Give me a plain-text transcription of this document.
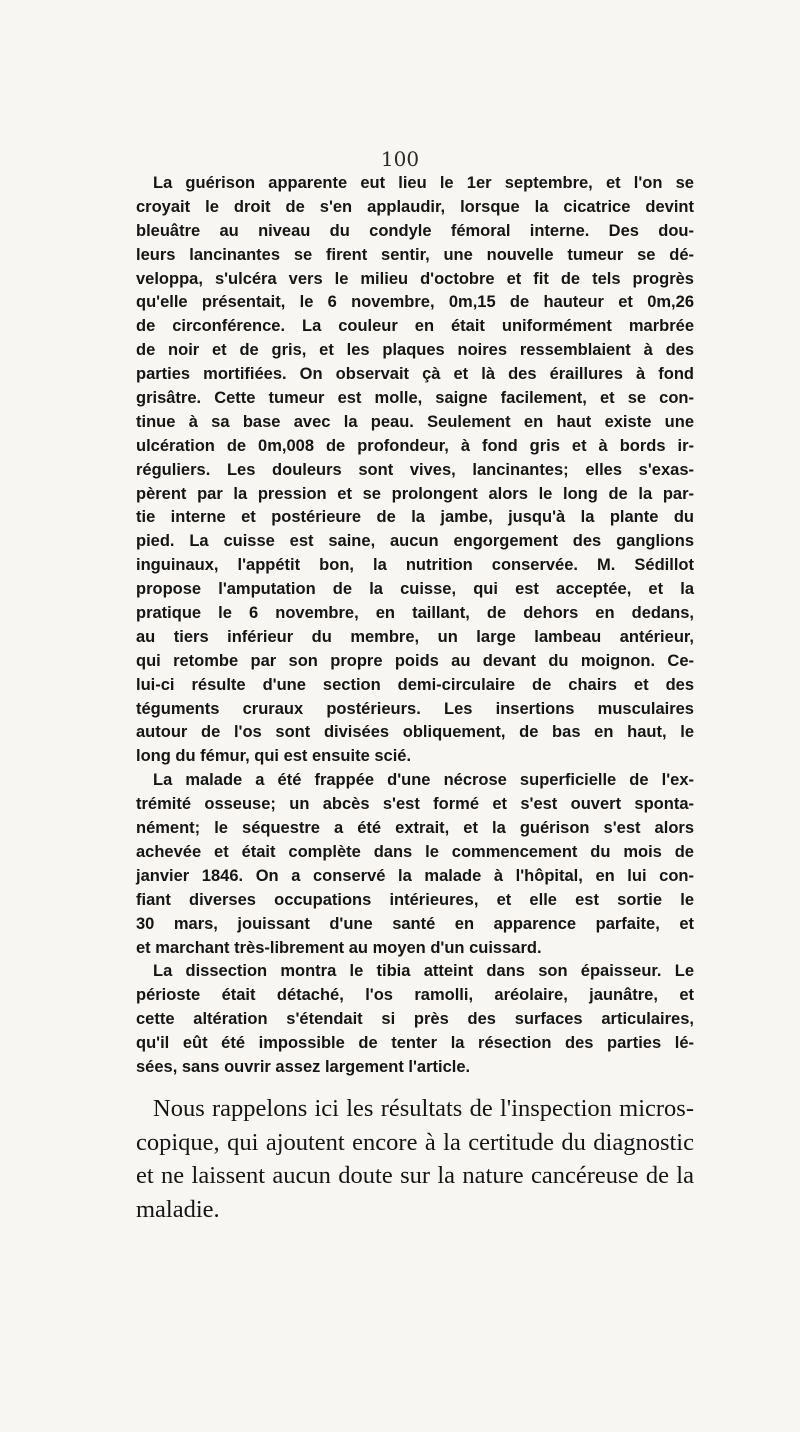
100
La guérison apparente eut lieu le 1er septembre, et l'on se
croyait le droit de s'en applaudir, lorsque la cicatrice devint
bleuâtre au niveau du condyle fémoral interne. Des dou-
leurs lancinantes se firent sentir, une nouvelle tumeur se dé-
veloppa, s'ulcéra vers le milieu d'octobre et fit de tels progrès
qu'elle présentait, le 6 novembre, 0m,15 de hauteur et 0m,26
de circonférence. La couleur en était uniformément marbrée
de noir et de gris, et les plaques noires ressemblaient à des
parties mortifiées. On observait çà et là des éraillures à fond
grisâtre. Cette tumeur est molle, saigne facilement, et se con-
tinue à sa base avec la peau. Seulement en haut existe une
ulcération de 0m,008 de profondeur, à fond gris et à bords ir-
réguliers. Les douleurs sont vives, lancinantes; elles s'exas-
pèrent par la pression et se prolongent alors le long de la par-
tie interne et postérieure de la jambe, jusqu'à la plante du
pied. La cuisse est saine, aucun engorgement des ganglions
inguinaux, l'appétit bon, la nutrition conservée. M. Sédillot
propose l'amputation de la cuisse, qui est acceptée, et la
pratique le 6 novembre, en taillant, de dehors en dedans,
au tiers inférieur du membre, un large lambeau antérieur,
qui retombe par son propre poids au devant du moignon. Ce-
lui-ci résulte d'une section demi-circulaire de chairs et des
téguments cruraux postérieurs. Les insertions musculaires
autour de l'os sont divisées obliquement, de bas en haut, le
long du fémur, qui est ensuite scié.
La malade a été frappée d'une nécrose superficielle de l'ex-
trémité osseuse; un abcès s'est formé et s'est ouvert sponta-
nément; le séquestre a été extrait, et la guérison s'est alors
achevée et était complète dans le commencement du mois de
janvier 1846. On a conservé la malade à l'hôpital, en lui con-
fiant diverses occupations intérieures, et elle est sortie le
30 mars, jouissant d'une santé en apparence parfaite, et
et marchant très-librement au moyen d'un cuissard.
La dissection montra le tibia atteint dans son épaisseur. Le
périoste était détaché, l'os ramolli, aréolaire, jaunâtre, et
cette altération s'étendait si près des surfaces articulaires,
qu'il eût été impossible de tenter la résection des parties lé-
sées, sans ouvrir assez largement l'article.
Nous rappelons ici les résultats de l'inspection micros-
copique, qui ajoutent encore à la certitude du diagnostic
et ne laissent aucun doute sur la nature cancéreuse de la
maladie.
